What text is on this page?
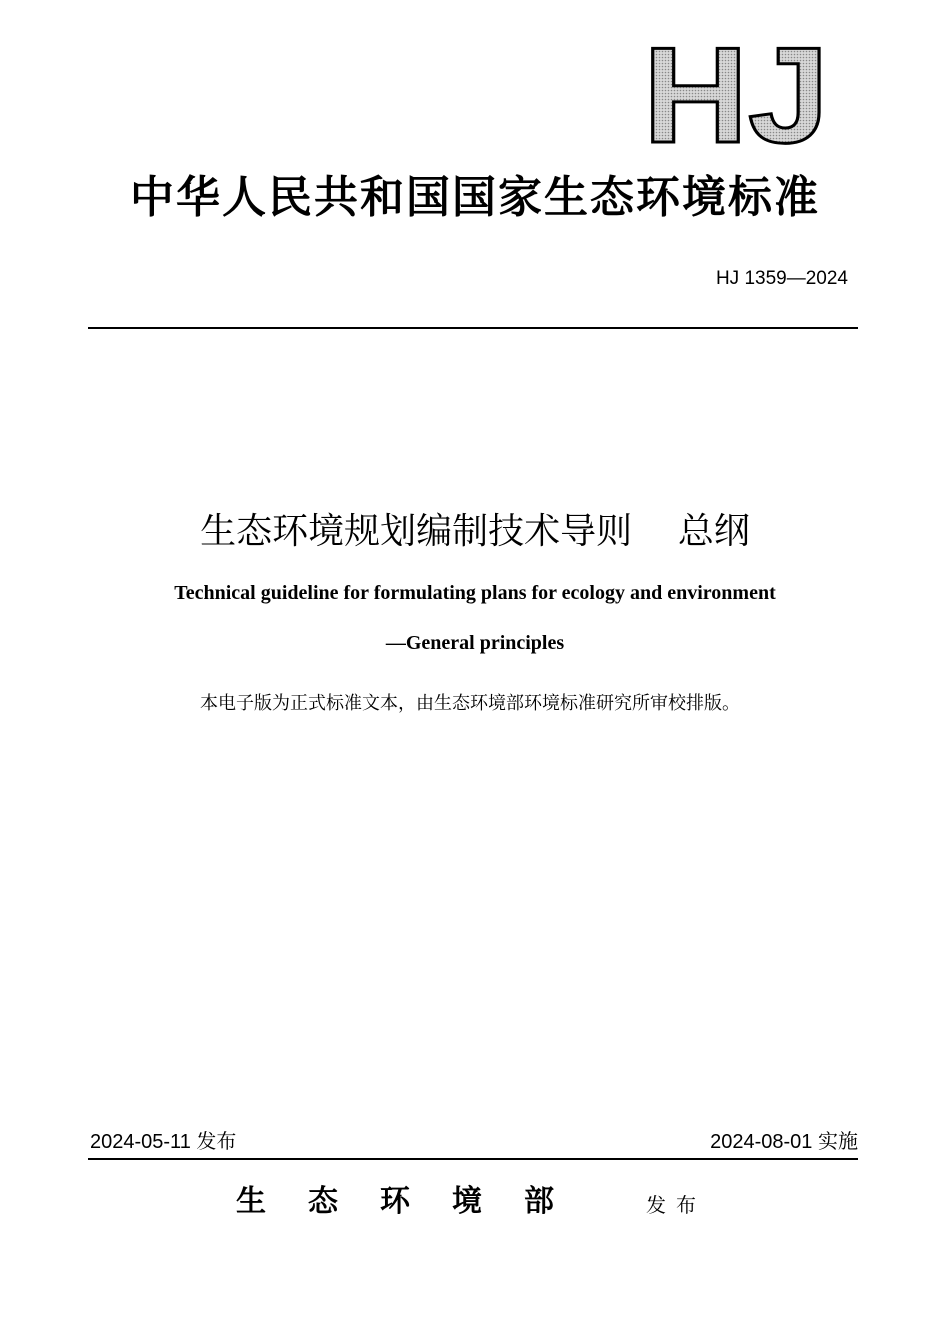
HJ
中华人民共和国国家生态环境标准
HJ 1359—2024
生态环境规划编制技术导则    总纲
Technical guideline for formulating plans for ecology and environment
—General principles
本电子版为正式标准文本，由生态环境部环境标准研究所审校排版。
2024-05-11 发布	2024-08-01 实施
生态环境部	发布
